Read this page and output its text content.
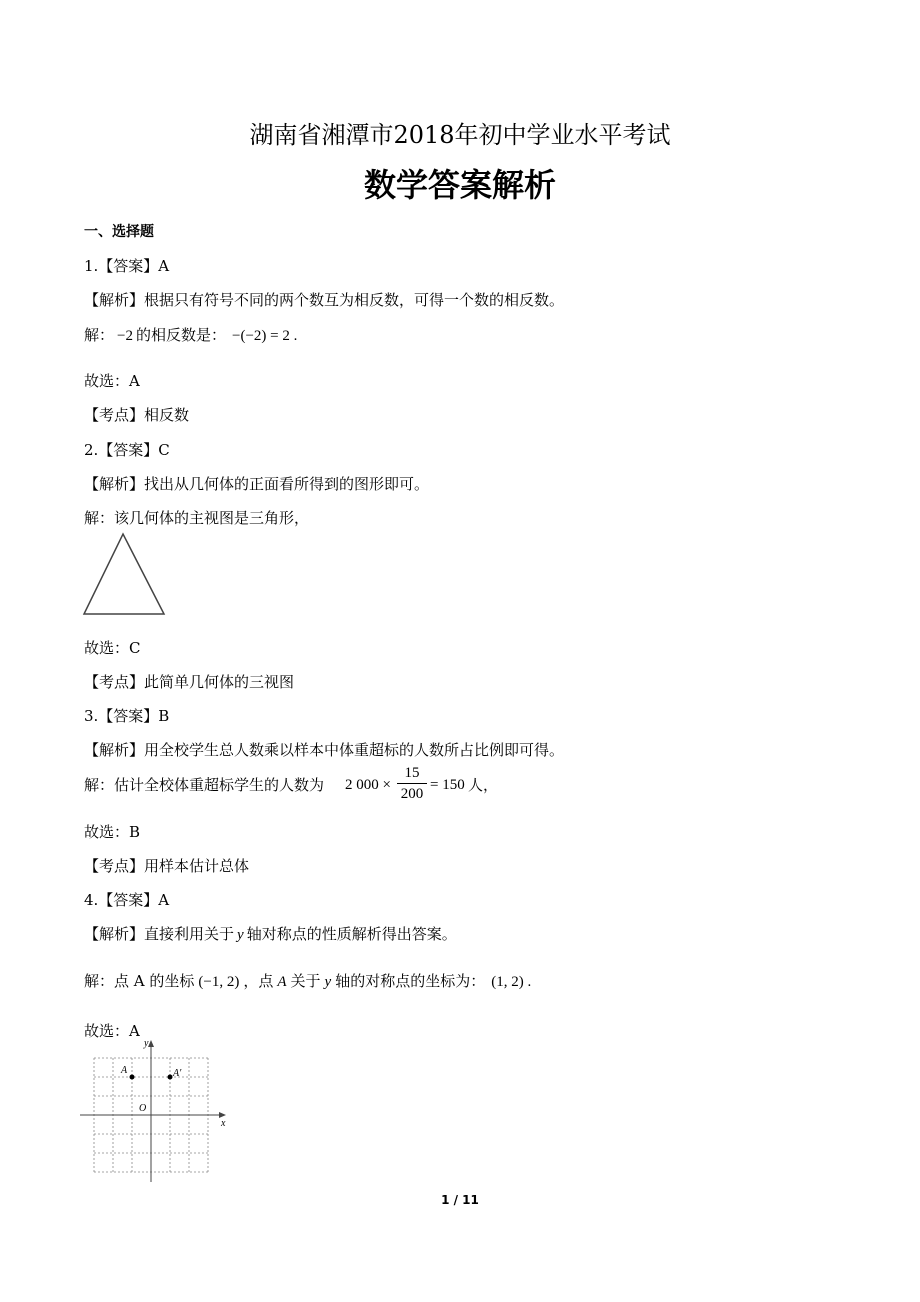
湖南省湘潭市2018年初中学业水平考试
数学答案解析
一、选择题
1.【答案】A
【解析】根据只有符号不同的两个数互为相反数，可得一个数的相反数。
解： −2 的相反数是： −(−2) = 2 .
故选：A
【考点】相反数
2.【答案】C
【解析】找出从几何体的正面看所得到的图形即可。
解：该几何体的主视图是三角形，
故选：C
【考点】此简单几何体的三视图
3.【答案】B
【解析】用全校学生总人数乘以样本中体重超标的人数所占比例即可得。
解：估计全校体重超标学生的人数为 2 000 ×
15
200
= 150 人，
故选：B
【考点】用样本估计总体
4.【答案】A
【解析】直接利用关于 y 轴对称点的性质解析得出答案。
解：点 A 的坐标 (−1, 2) ，点 A 关于 y 轴的对称点的坐标为： (1, 2) .
故选：A
y
x
O
A	A′
1 / 11
